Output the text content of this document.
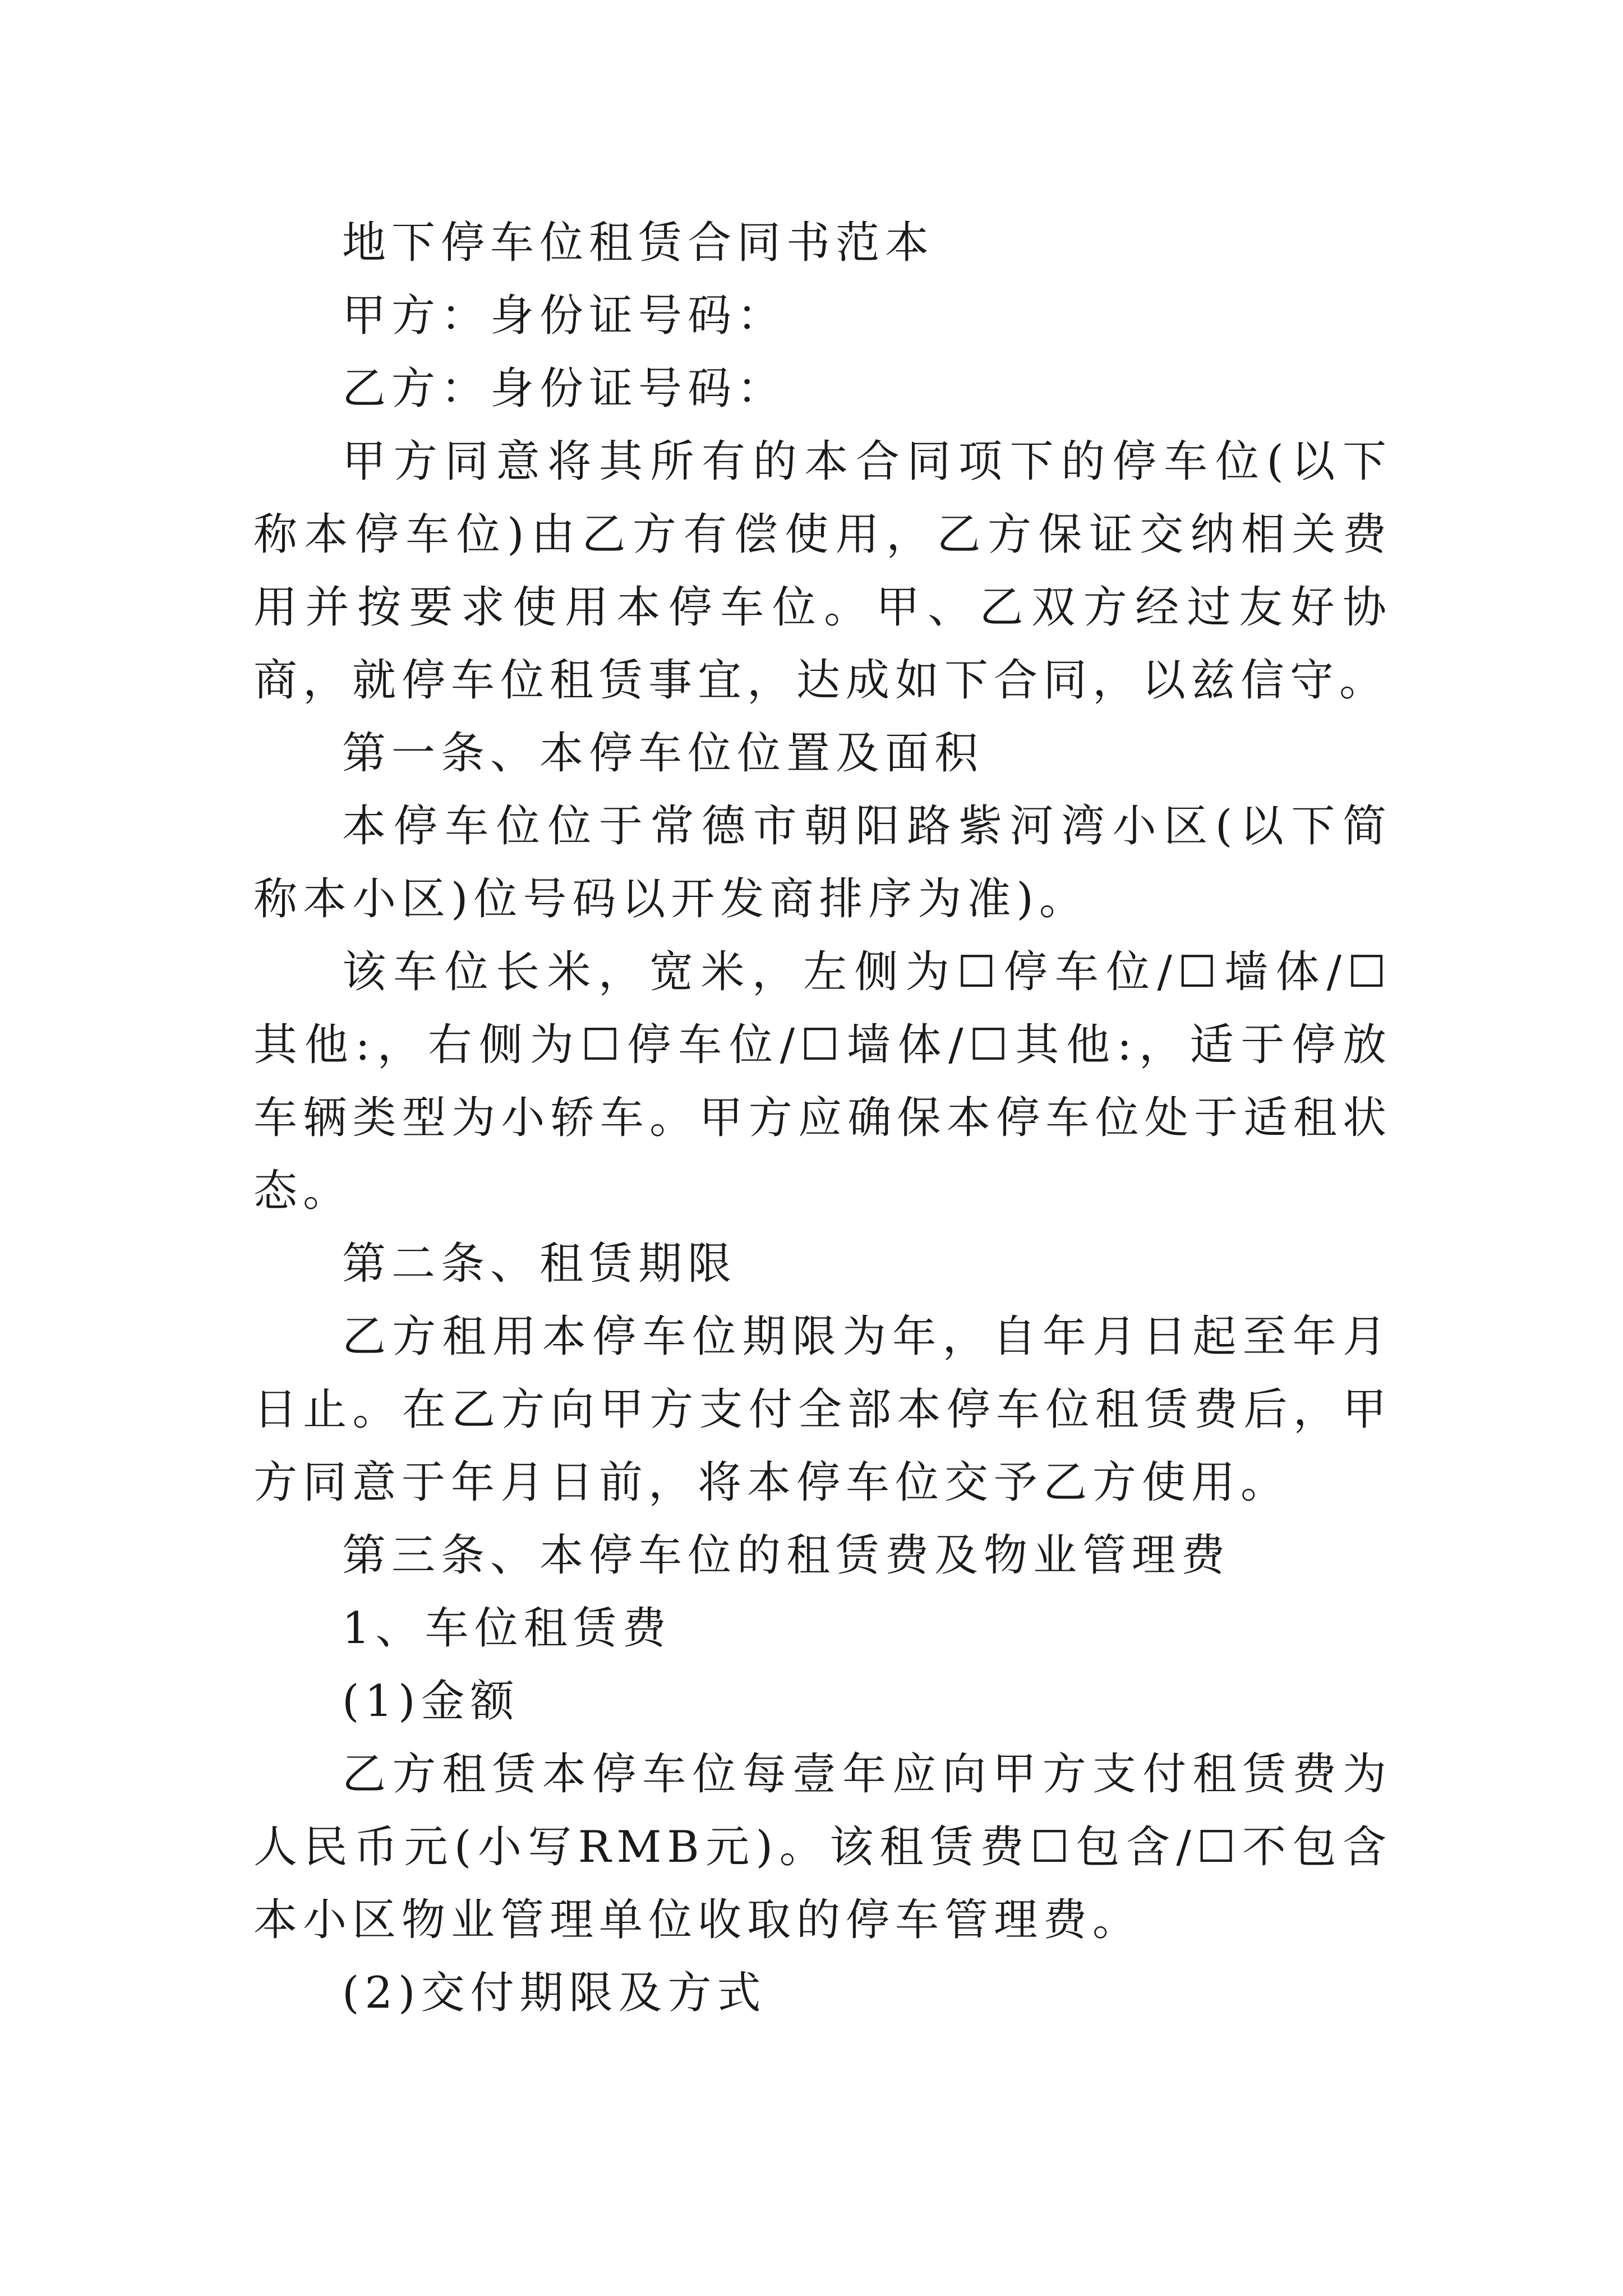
地下停车位租赁合同书范本

甲方：身份证号码：

乙方：身份证号码：

甲方同意将其所有的本合同项下的停车位(以下称本停车位)由乙方有偿使用，乙方保证交纳相关费用并按要求使用本停车位。甲、乙双方经过友好协商，就停车位租赁事宜，达成如下合同，以兹信守。

第一条、本停车位位置及面积

本停车位位于常德市朝阳路紫河湾小区(以下简称本小区)位号码以开发商排序为准)。

该车位长米，宽米，左侧为☐停车位/☐墙体/☐其他:，右侧为☐停车位/☐墙体/☐其他:，适于停放车辆类型为小轿车。甲方应确保本停车位处于适租状态。

第二条、租赁期限

乙方租用本停车位期限为年，自年月日起至年月日止。在乙方向甲方支付全部本停车位租赁费后，甲方同意于年月日前，将本停车位交予乙方使用。

第三条、本停车位的租赁费及物业管理费

1、车位租赁费

(1)金额

乙方租赁本停车位每壹年应向甲方支付租赁费为人民币元(小写RMB元)。该租赁费☐包含/☐不包含本小区物业管理单位收取的停车管理费。

(2)交付期限及方式
